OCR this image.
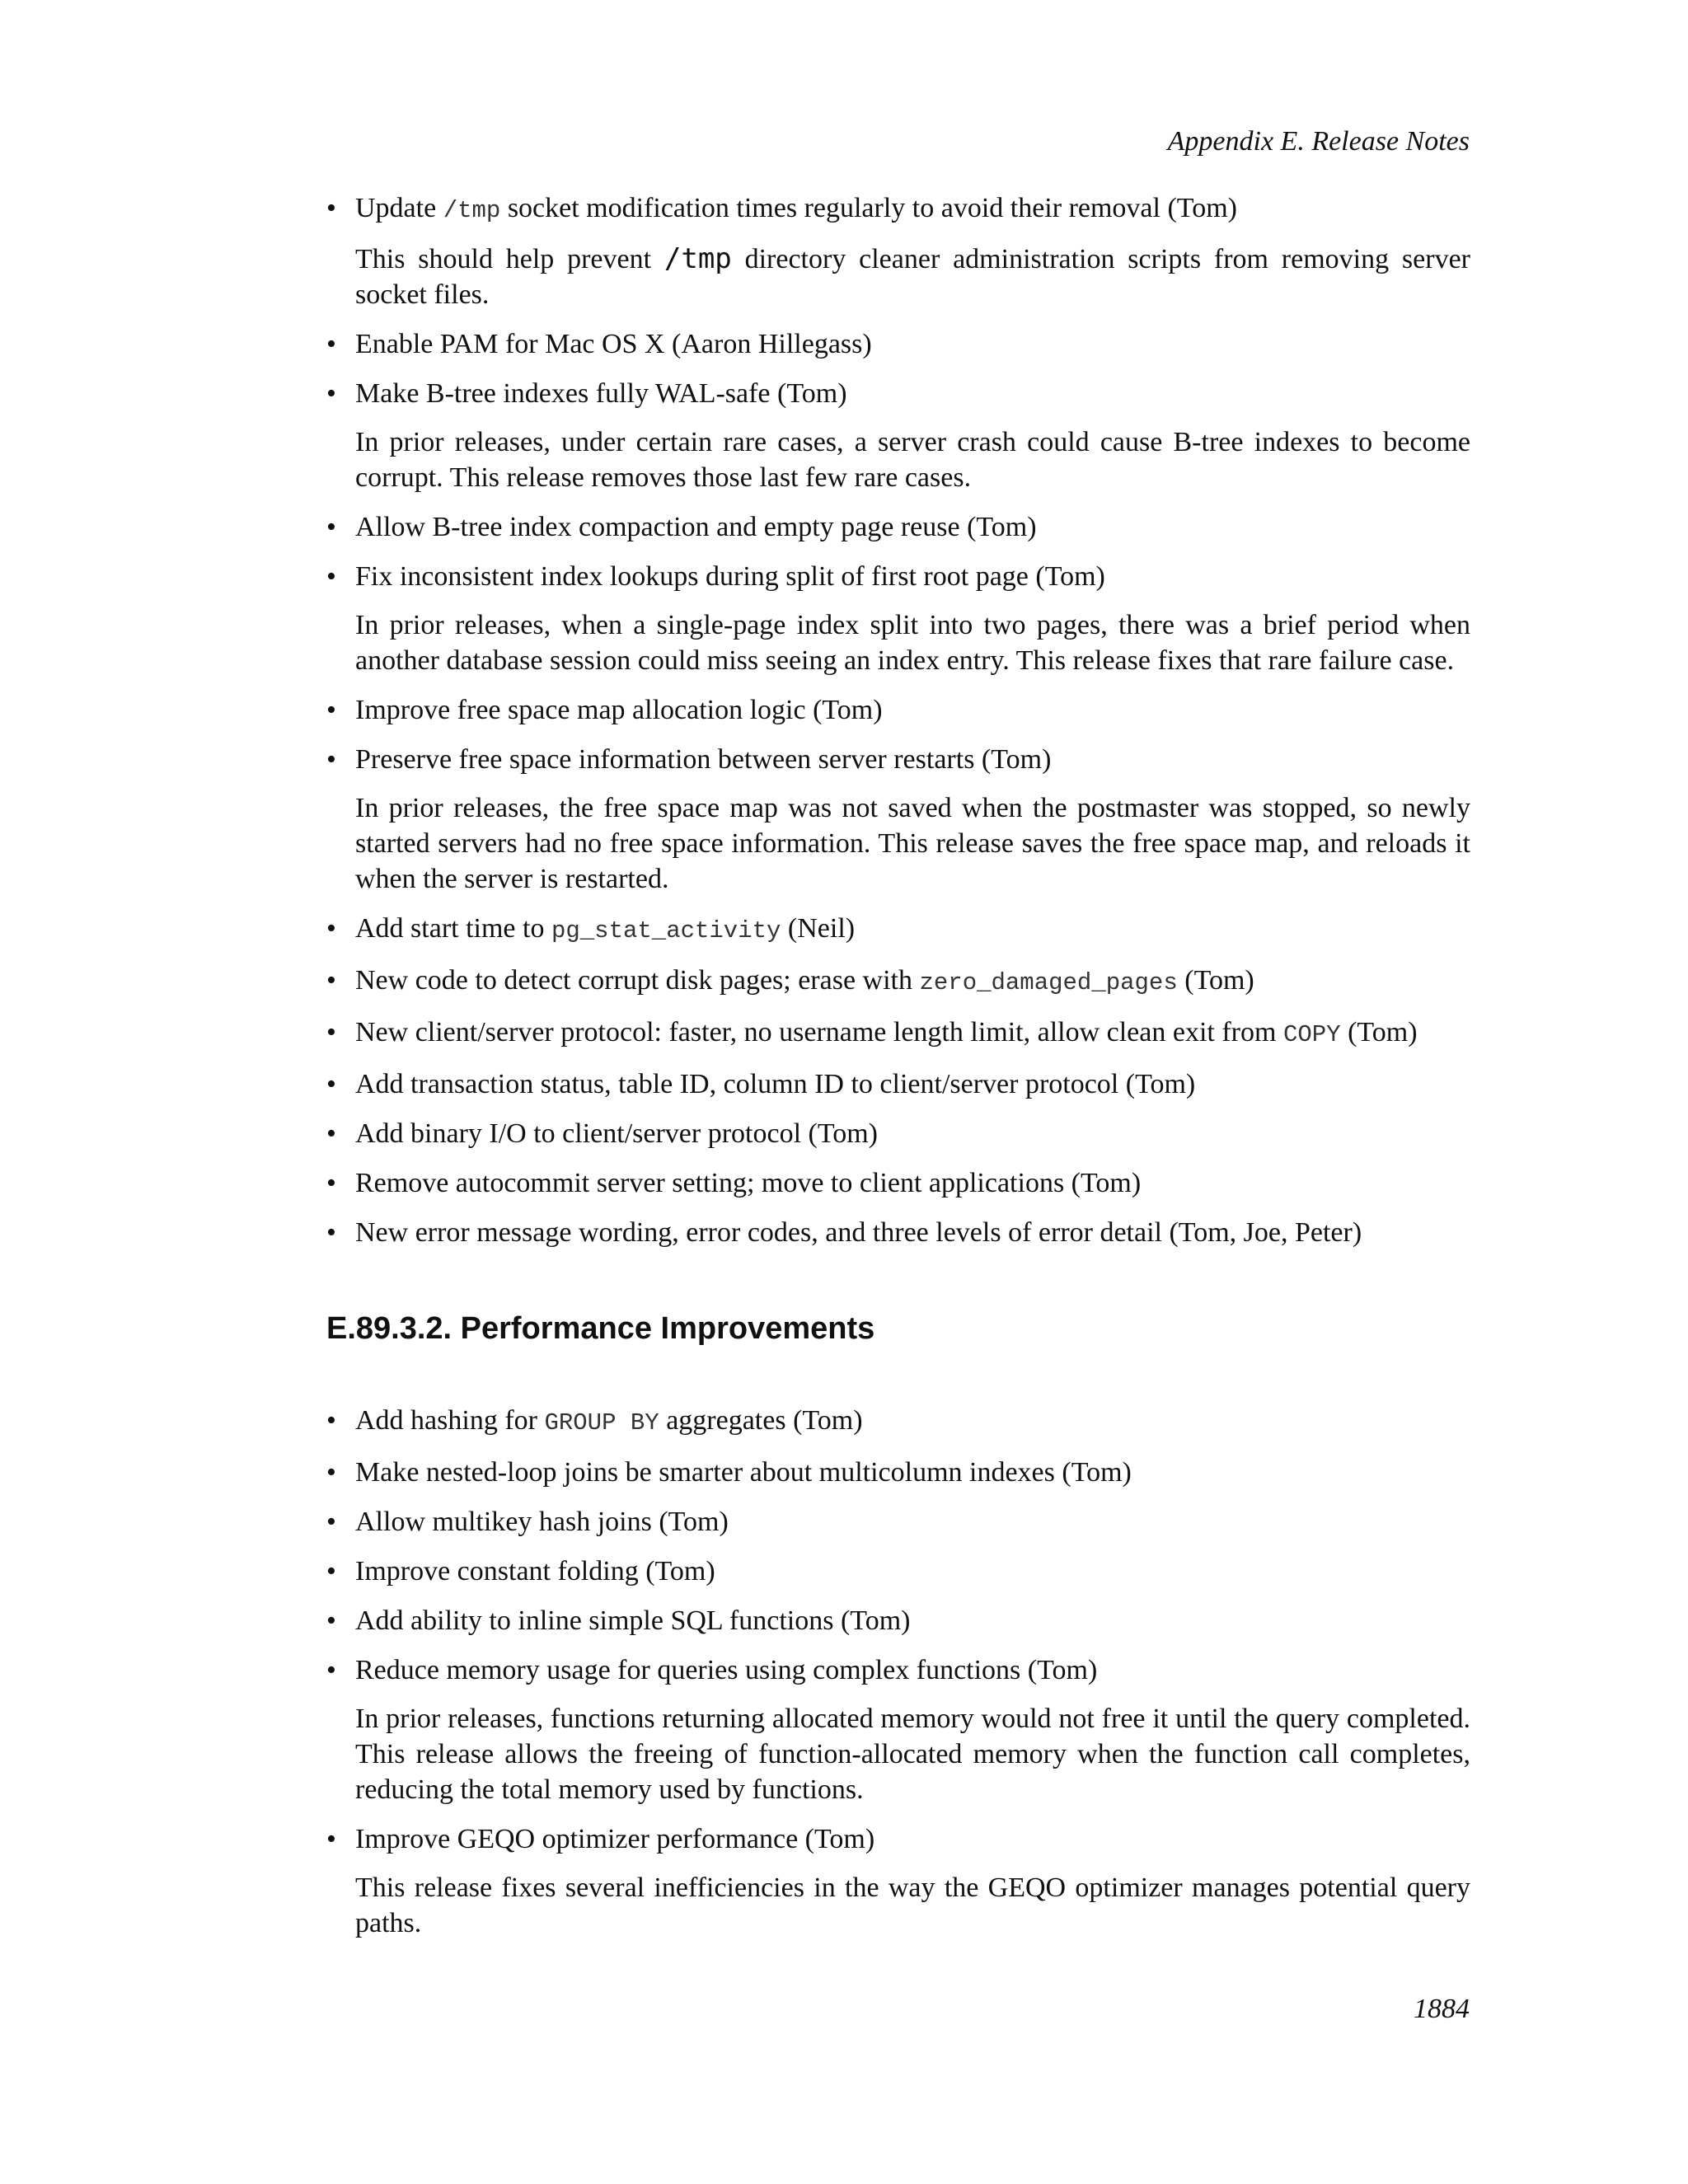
Appendix E. Release Notes
• Update /tmp socket modification times regularly to avoid their removal (Tom)
This should help prevent /tmp directory cleaner administration scripts from removing server socket files.
• Enable PAM for Mac OS X (Aaron Hillegass)
• Make B-tree indexes fully WAL-safe (Tom)
In prior releases, under certain rare cases, a server crash could cause B-tree indexes to become corrupt. This release removes those last few rare cases.
• Allow B-tree index compaction and empty page reuse (Tom)
• Fix inconsistent index lookups during split of first root page (Tom)
In prior releases, when a single-page index split into two pages, there was a brief period when another database session could miss seeing an index entry. This release fixes that rare failure case.
• Improve free space map allocation logic (Tom)
• Preserve free space information between server restarts (Tom)
In prior releases, the free space map was not saved when the postmaster was stopped, so newly started servers had no free space information. This release saves the free space map, and reloads it when the server is restarted.
• Add start time to pg_stat_activity (Neil)
• New code to detect corrupt disk pages; erase with zero_damaged_pages (Tom)
• New client/server protocol: faster, no username length limit, allow clean exit from COPY (Tom)
• Add transaction status, table ID, column ID to client/server protocol (Tom)
• Add binary I/O to client/server protocol (Tom)
• Remove autocommit server setting; move to client applications (Tom)
• New error message wording, error codes, and three levels of error detail (Tom, Joe, Peter)
E.89.3.2. Performance Improvements
• Add hashing for GROUP BY aggregates (Tom)
• Make nested-loop joins be smarter about multicolumn indexes (Tom)
• Allow multikey hash joins (Tom)
• Improve constant folding (Tom)
• Add ability to inline simple SQL functions (Tom)
• Reduce memory usage for queries using complex functions (Tom)
In prior releases, functions returning allocated memory would not free it until the query completed. This release allows the freeing of function-allocated memory when the function call completes, reducing the total memory used by functions.
• Improve GEQO optimizer performance (Tom)
This release fixes several inefficiencies in the way the GEQO optimizer manages potential query paths.
1884
